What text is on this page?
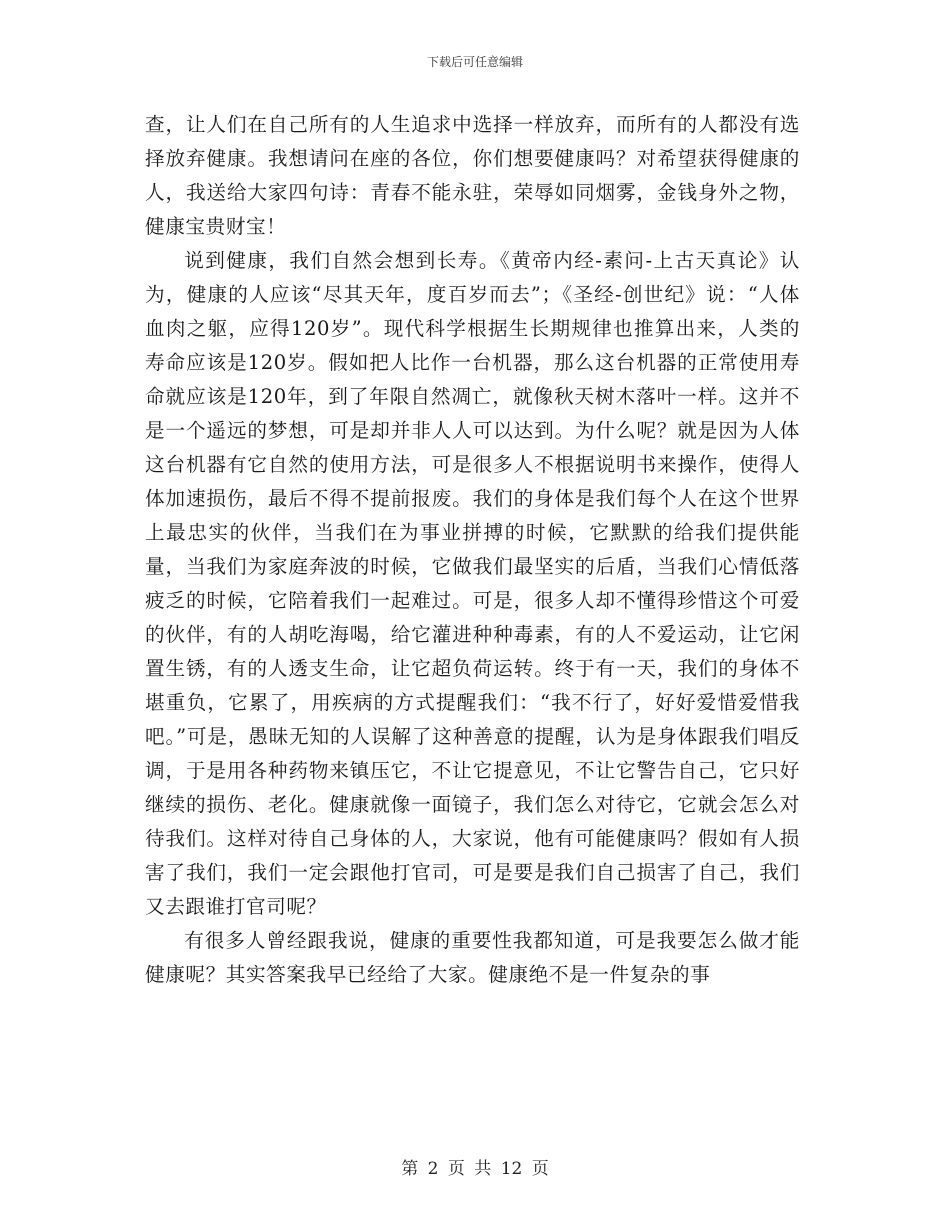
下载后可任意编辑

查，让人们在自己所有的人生追求中选择一样放弃，而所有的人都没有选择放弃健康。我想请问在座的各位，你们想要健康吗？对希望获得健康的人，我送给大家四句诗：青春不能永驻，荣辱如同烟雾，金钱身外之物，健康宝贵财宝！

说到健康，我们自然会想到长寿。《黄帝内经-素问-上古天真论》认为，健康的人应该“尽其天年，度百岁而去”；《圣经-创世纪》说：“人体血肉之躯，应得120岁”。现代科学根据生长期规律也推算出来，人类的寿命应该是120岁。假如把人比作一台机器，那么这台机器的正常使用寿命就应该是120年，到了年限自然凋亡，就像秋天树木落叶一样。这并不是一个遥远的梦想，可是却并非人人可以达到。为什么呢？就是因为人体这台机器有它自然的使用方法，可是很多人不根据说明书来操作，使得人体加速损伤，最后不得不提前报废。我们的身体是我们每个人在这个世界上最忠实的伙伴，当我们在为事业拼搏的时候，它默默的给我们提供能量，当我们为家庭奔波的时候，它做我们最坚实的后盾，当我们心情低落疲乏的时候，它陪着我们一起难过。可是，很多人却不懂得珍惜这个可爱的伙伴，有的人胡吃海喝，给它灌进种种毒素，有的人不爱运动，让它闲置生锈，有的人透支生命，让它超负荷运转。终于有一天，我们的身体不堪重负，它累了，用疾病的方式提醒我们：“我不行了，好好爱惜爱惜我吧。”可是，愚昧无知的人误解了这种善意的提醒，认为是身体跟我们唱反调，于是用各种药物来镇压它，不让它提意见，不让它警告自己，它只好继续的损伤、老化。健康就像一面镜子，我们怎么对待它，它就会怎么对待我们。这样对待自己身体的人，大家说，他有可能健康吗？假如有人损害了我们，我们一定会跟他打官司，可是要是我们自己损害了自己，我们又去跟谁打官司呢？

有很多人曾经跟我说，健康的重要性我都知道，可是我要怎么做才能健康呢？其实答案我早已经给了大家。健康绝不是一件复杂的事

第 2 页 共 12 页
